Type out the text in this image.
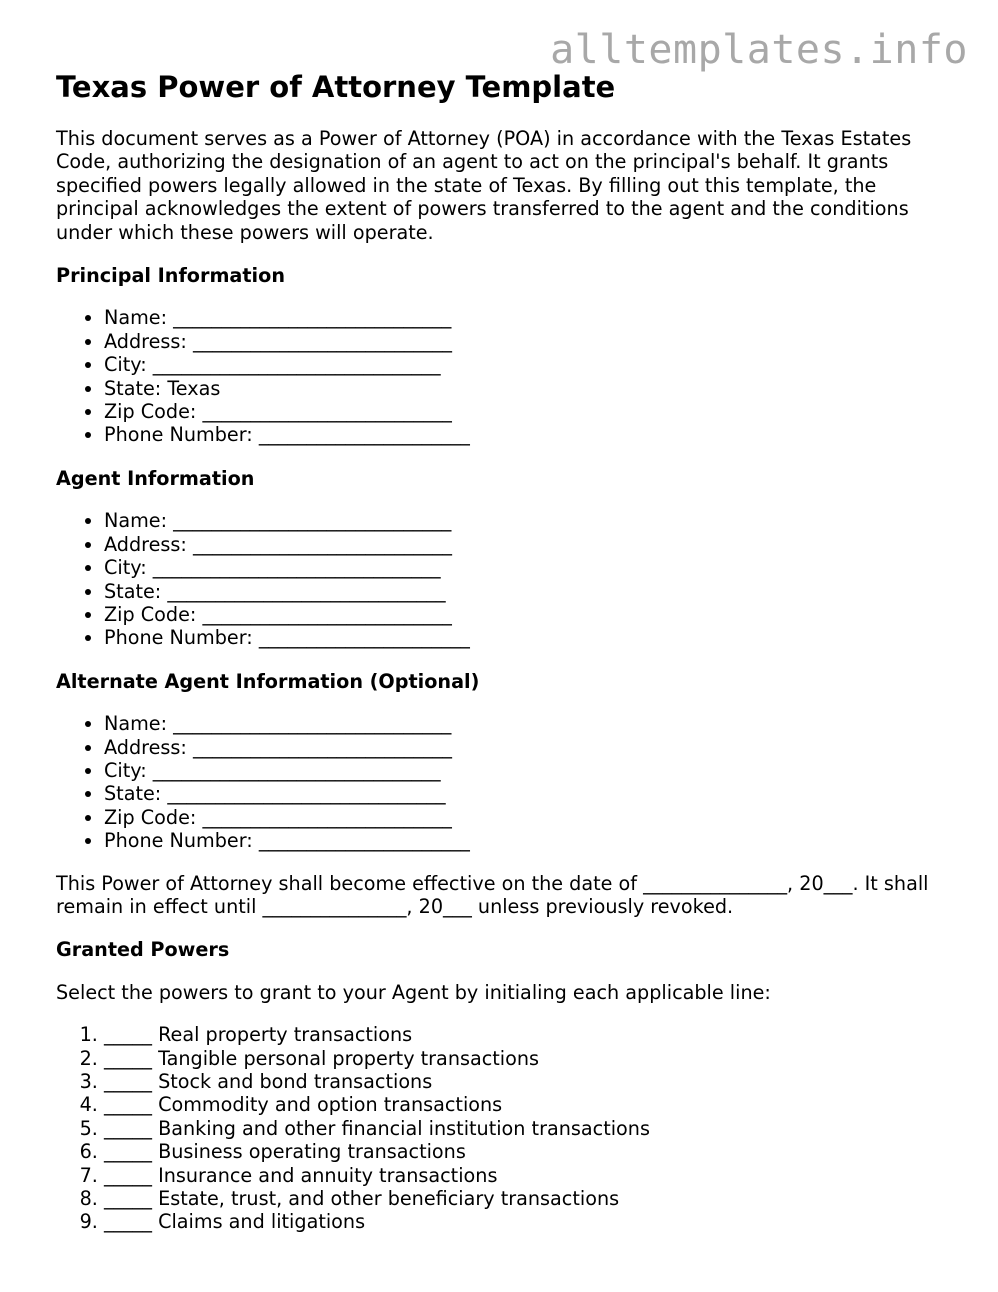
alltemplates.info
Texas Power of Attorney Template

This document serves as a Power of Attorney (POA) in accordance with the Texas Estates Code, authorizing the designation of an agent to act on the principal's behalf. It grants specified powers legally allowed in the state of Texas. By filling out this template, the principal acknowledges the extent of powers transferred to the agent and the conditions under which these powers will operate.

Principal Information
• Name: _____________________________
• Address: ___________________________
• City: ______________________________
• State: Texas
• Zip Code: __________________________
• Phone Number: ______________________
Agent Information
• Name: _____________________________
• Address: ___________________________
• City: ______________________________
• State: _____________________________
• Zip Code: __________________________
• Phone Number: ______________________
Alternate Agent Information (Optional)
• Name: _____________________________
• Address: ___________________________
• City: ______________________________
• State: _____________________________
• Zip Code: __________________________
• Phone Number: ______________________

This Power of Attorney shall become effective on the date of _______________, 20___. It shall remain in effect until _______________, 20___ unless previously revoked.

Granted Powers

Select the powers to grant to your Agent by initialing each applicable line:

1. _____ Real property transactions
2. _____ Tangible personal property transactions
3. _____ Stock and bond transactions
4. _____ Commodity and option transactions
5. _____ Banking and other financial institution transactions
6. _____ Business operating transactions
7. _____ Insurance and annuity transactions
8. _____ Estate, trust, and other beneficiary transactions
9. _____ Claims and litigations
